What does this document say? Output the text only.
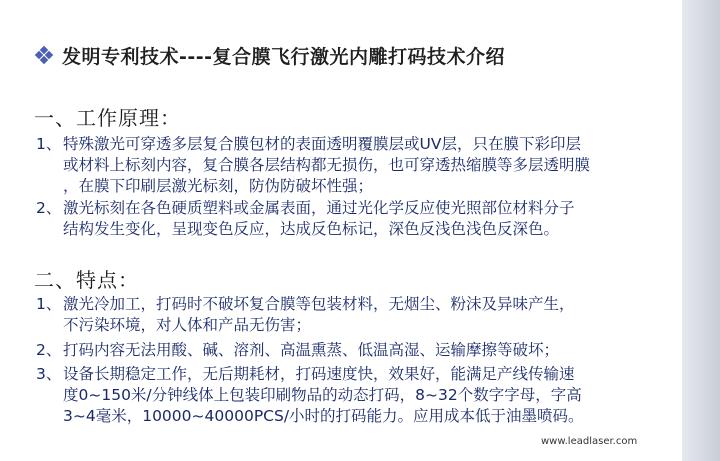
发明专利技术----复合膜飞行激光内雕打码技术介绍
一、工作原理：
1、 特殊激光可穿透多层复合膜包材的表面透明覆膜层或UV层，只在膜下彩印层
或材料上标刻内容，复合膜各层结构都无损伤，也可穿透热缩膜等多层透明膜
，在膜下印刷层激光标刻，防伪防破坏性强；
2、 激光标刻在各色硬质塑料或金属表面，通过光化学反应使光照部位材料分子
结构发生变化，呈现变色反应，达成反色标记，深色反浅色浅色反深色。
二、特点：
1、 激光冷加工，打码时不破坏复合膜等包装材料，无烟尘、粉沫及异味产生，
不污染环境，对人体和产品无伤害；
2、 打码内容无法用酸、碱、溶剂、高温熏蒸、低温高湿、运输摩擦等破坏；
3、 设备长期稳定工作，无后期耗材，打码速度快，效果好，能满足产线传输速
度0~150米/分钟线体上包装印刷物品的动态打码，8~32个数字字母，字高
3~4毫米，10000~40000PCS/小时的打码能力。应用成本低于油墨喷码。
www.leadlaser.com
